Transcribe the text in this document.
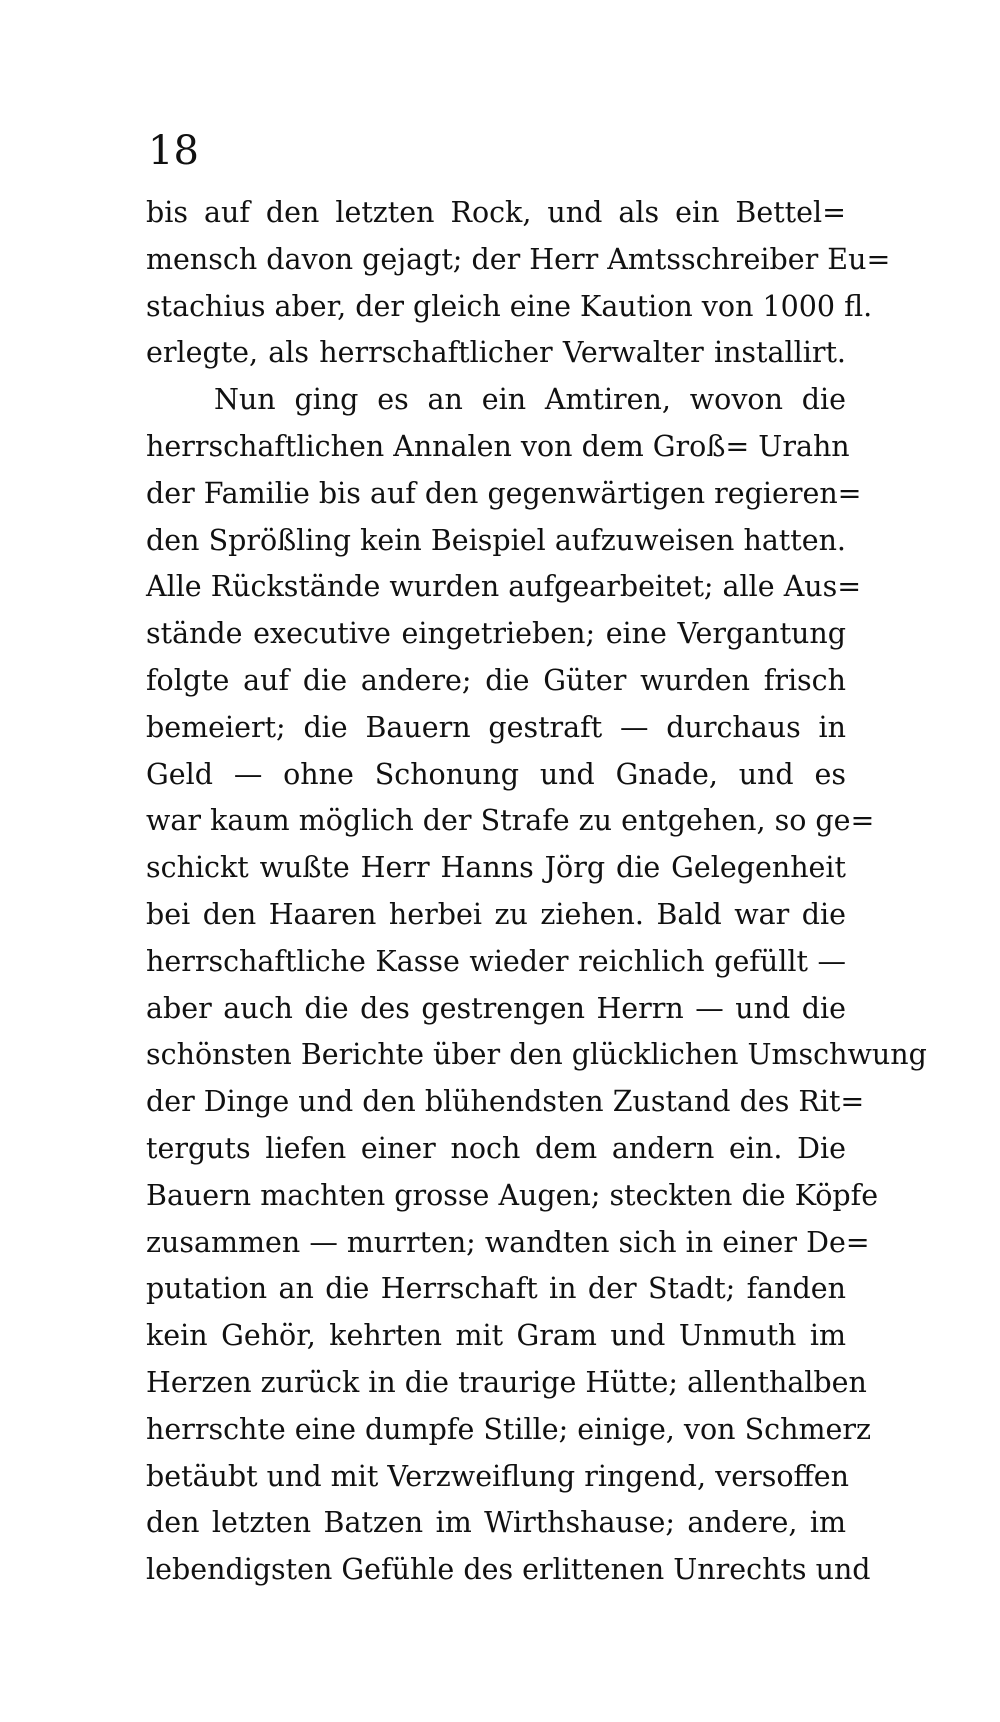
18
bis auf den letzten Rock, und als ein Bettel=
mensch davon gejagt; der Herr Amtsschreiber Eu=
stachius aber, der gleich eine Kaution von 1000 fl.
erlegte, als herrschaftlicher Verwalter installirt.
Nun ging es an ein Amtiren, wovon die
herrschaftlichen Annalen von dem Groß= Urahn
der Familie bis auf den gegenwärtigen regieren=
den Sprößling kein Beispiel aufzuweisen hatten.
Alle Rückstände wurden aufgearbeitet; alle Aus=
stände executive eingetrieben; eine Vergantung
folgte auf die andere; die Güter wurden frisch
bemeiert; die Bauern gestraft — durchaus in
Geld — ohne Schonung und Gnade, und es
war kaum möglich der Strafe zu entgehen, so ge=
schickt wußte Herr Hanns Jörg die Gelegenheit
bei den Haaren herbei zu ziehen. Bald war die
herrschaftliche Kasse wieder reichlich gefüllt —
aber auch die des gestrengen Herrn — und die
schönsten Berichte über den glücklichen Umschwung
der Dinge und den blühendsten Zustand des Rit=
terguts liefen einer noch dem andern ein. Die
Bauern machten grosse Augen; steckten die Köpfe
zusammen — murrten; wandten sich in einer De=
putation an die Herrschaft in der Stadt; fanden
kein Gehör, kehrten mit Gram und Unmuth im
Herzen zurück in die traurige Hütte; allenthalben
herrschte eine dumpfe Stille; einige, von Schmerz
betäubt und mit Verzweiflung ringend, versoffen
den letzten Batzen im Wirthshause; andere, im
lebendigsten Gefühle des erlittenen Unrechts und
